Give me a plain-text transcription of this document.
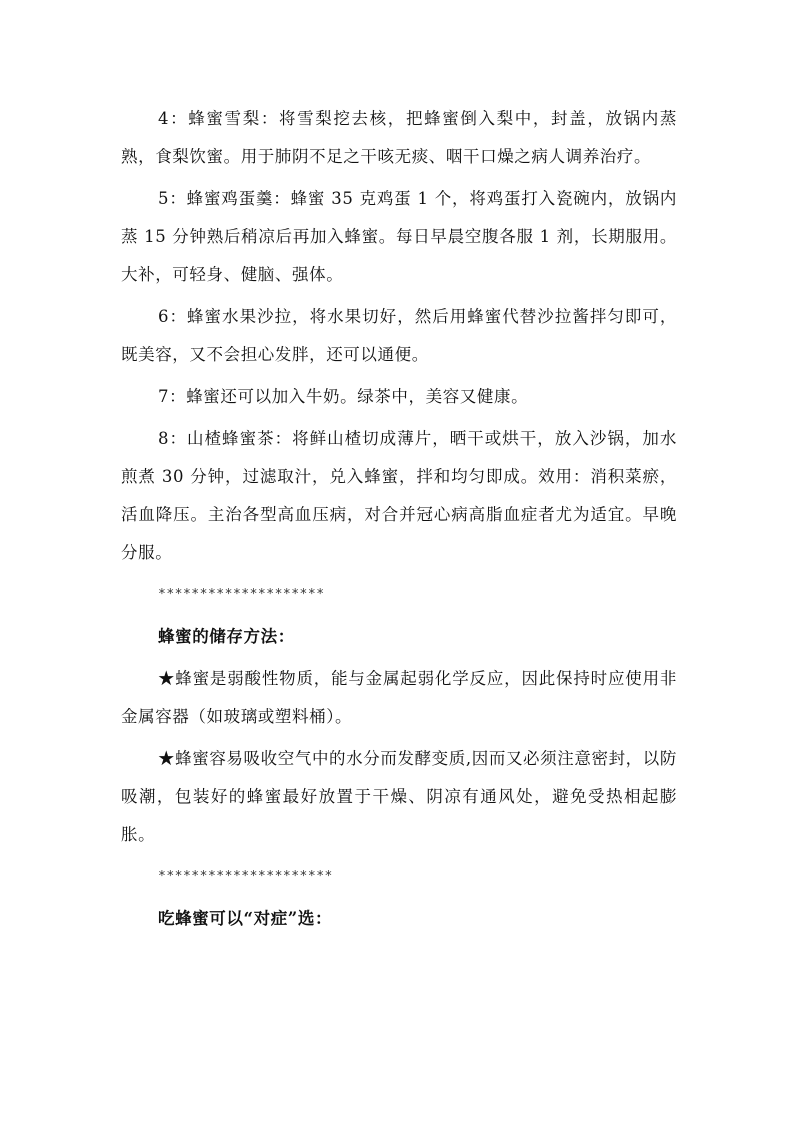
4：蜂蜜雪梨：将雪梨挖去核，把蜂蜜倒入梨中，封盖，放锅内蒸熟，食梨饮蜜。用于肺阴不足之干咳无痰、咽干口燥之病人调养治疗。

5：蜂蜜鸡蛋羹：蜂蜜 35 克鸡蛋 1 个，将鸡蛋打入瓷碗内，放锅内蒸 15 分钟熟后稍凉后再加入蜂蜜。每日早晨空腹各服 1 剂，长期服用。大补，可轻身、健脑、强体。

6：蜂蜜水果沙拉，将水果切好，然后用蜂蜜代替沙拉酱拌匀即可，既美容，又不会担心发胖，还可以通便。

7：蜂蜜还可以加入牛奶。绿茶中，美容又健康。

8：山楂蜂蜜茶：将鲜山楂切成薄片，晒干或烘干，放入沙锅，加水煎煮 30 分钟，过滤取汁，兑入蜂蜜，拌和均匀即成。效用：消积菜瘀，活血降压。主治各型高血压病，对合并冠心病高脂血症者尤为适宜。早晚分服。

********************

蜂蜜的储存方法：

★蜂蜜是弱酸性物质，能与金属起弱化学反应，因此保持时应使用非金属容器（如玻璃或塑料桶）。

★蜂蜜容易吸收空气中的水分而发酵变质,因而又必须注意密封，以防吸潮，包装好的蜂蜜最好放置于干燥、阴凉有通风处，避免受热相起膨胀。

*********************

吃蜂蜜可以“对症”选：
